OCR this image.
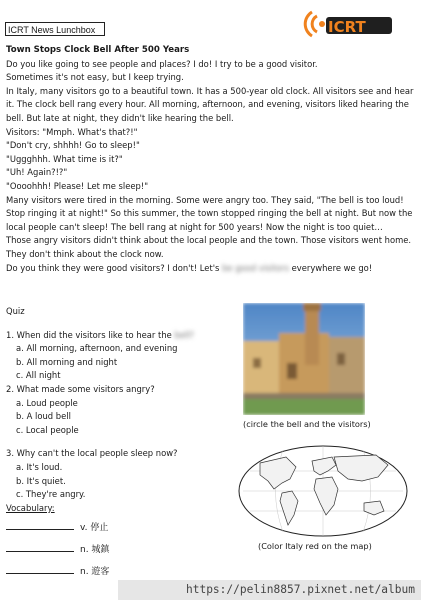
ICRT News Lunchbox	ICRT

Town Stops Clock Bell After 500 Years

Do you like going to see people and places? I do! I try to be a good visitor.

Sometimes it's not easy, but I keep trying.

In Italy, many visitors go to a beautiful town. It has a 500-year old clock. All visitors see and hear it. The clock bell rang every hour. All morning, afternoon, and evening, visitors liked hearing the bell. But late at night, they didn't like hearing the bell.

Visitors: "Mmph. What's that?!"

"Don't cry, shhhh! Go to sleep!"

"Uggghhh. What time is it?"

"Uh! Again?!?"

"Oooohhh! Please! Let me sleep!"

Many visitors were tired in the morning. Some were angry too. They said, "The bell is too loud! Stop ringing it at night!" So this summer, the town stopped ringing the bell at night. But now the local people can't sleep! The bell rang at night for 500 years! Now the night is too quiet…

Those angry visitors didn't think about the local people and the town. Those visitors went home. They don't think about the clock now.

Do you think they were good visitors? I don't! Let's be good visitors everywhere we go!

Quiz

1. When did the visitors like to hear the bell?

a. All morning, afternoon, and evening

b. All morning and night

c. All night

2. What made some visitors angry?

a. Loud people

b. A loud bell

c. Local people

3. Why can't the local people sleep now?

a. It's loud.

b. It's quiet.

c. They're angry.

Vocabulary:

v. 停止
n. 城鎮
n. 遊客
(circle the bell and the visitors)
(Color Italy red on the map)
https://pelin8857.pixnet.net/album
